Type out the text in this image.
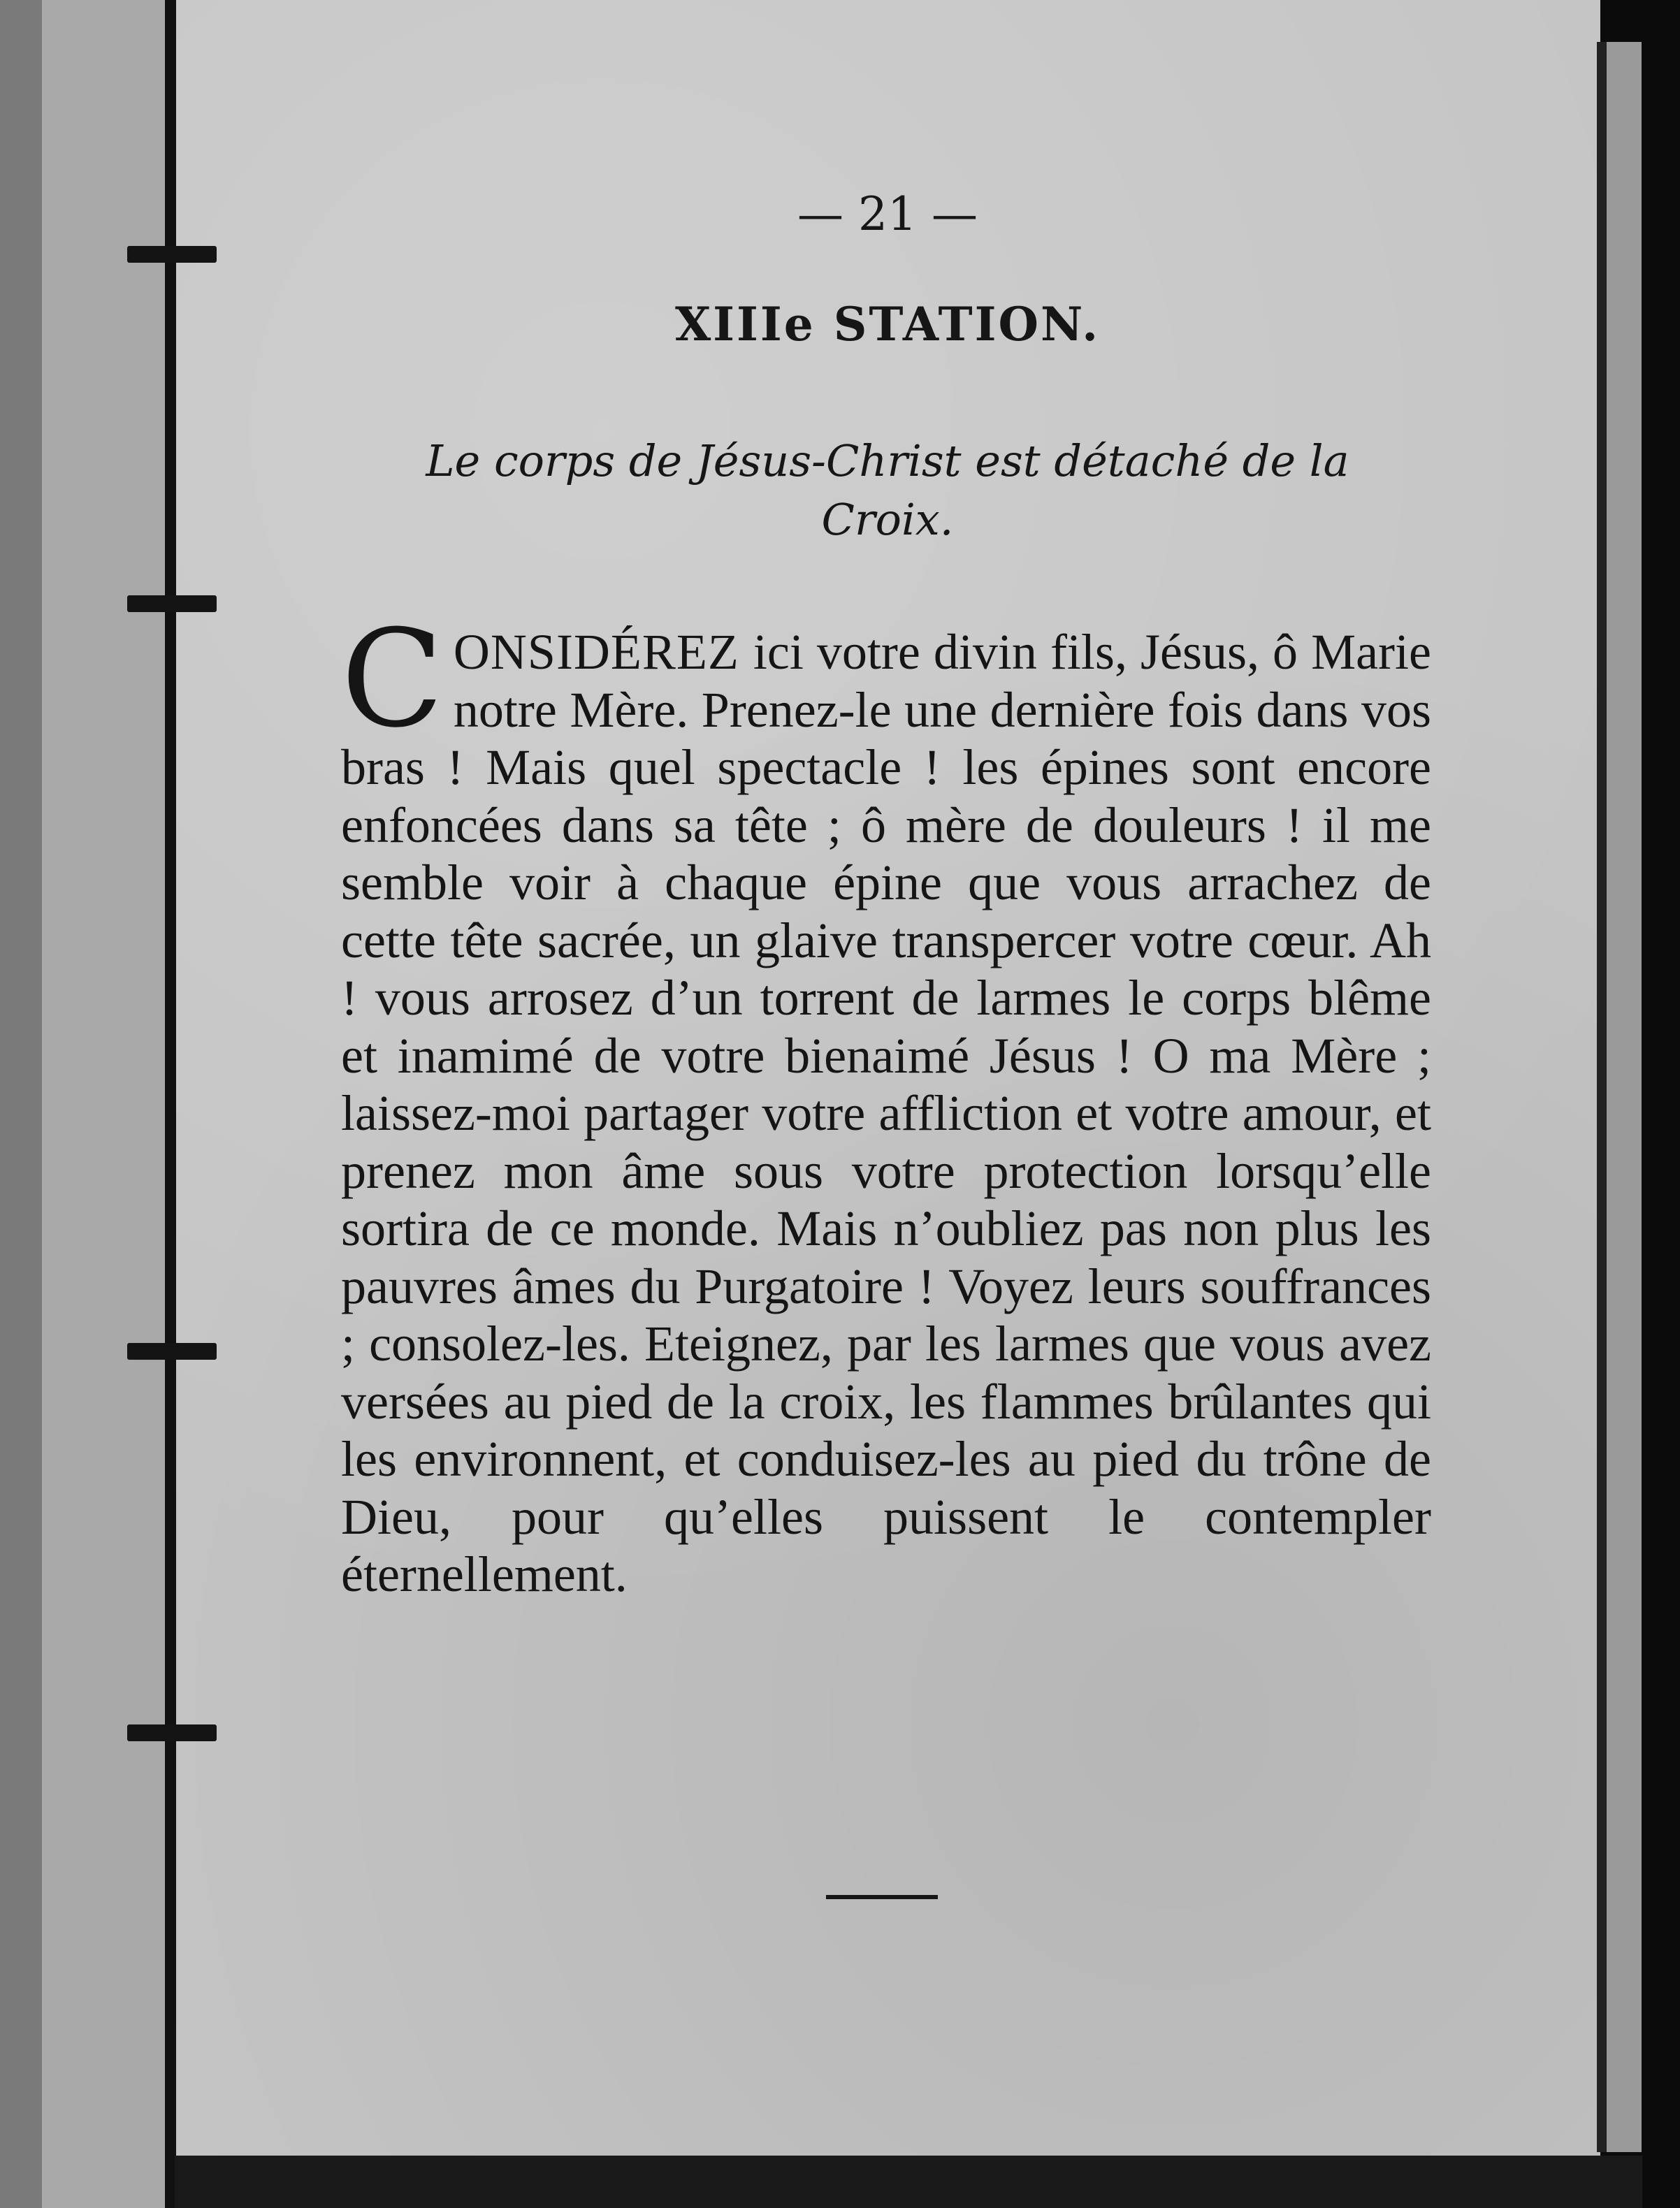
— 21 —
XIIIe STATION.
Le corps de Jésus-Christ est détaché de la Croix.
C ONSIDÉREZ ici votre divin fils, Jésus, ô Marie notre Mère. Prenez-le une dernière fois dans vos bras ! Mais quel spectacle ! les épines sont encore enfoncées dans sa tête ; ô mère de douleurs ! il me semble voir à chaque épine que vous arrachez de cette tête sacrée, un glaive transpercer votre cœur. Ah ! vous arrosez d’un torrent de larmes le corps blême et inamimé de votre bienaimé Jésus ! O ma Mère ; laissez-moi partager votre affliction et votre amour, et prenez mon âme sous votre protection lorsqu’elle sortira de ce monde. Mais n’oubliez pas non plus les pauvres âmes du Purgatoire ! Voyez leurs souffrances ; consolez-les. Eteignez, par les larmes que vous avez versées au pied de la croix, les flammes brûlantes qui les environnent, et conduisez-les au pied du trône de Dieu, pour qu’elles puissent le contempler éternellement.
